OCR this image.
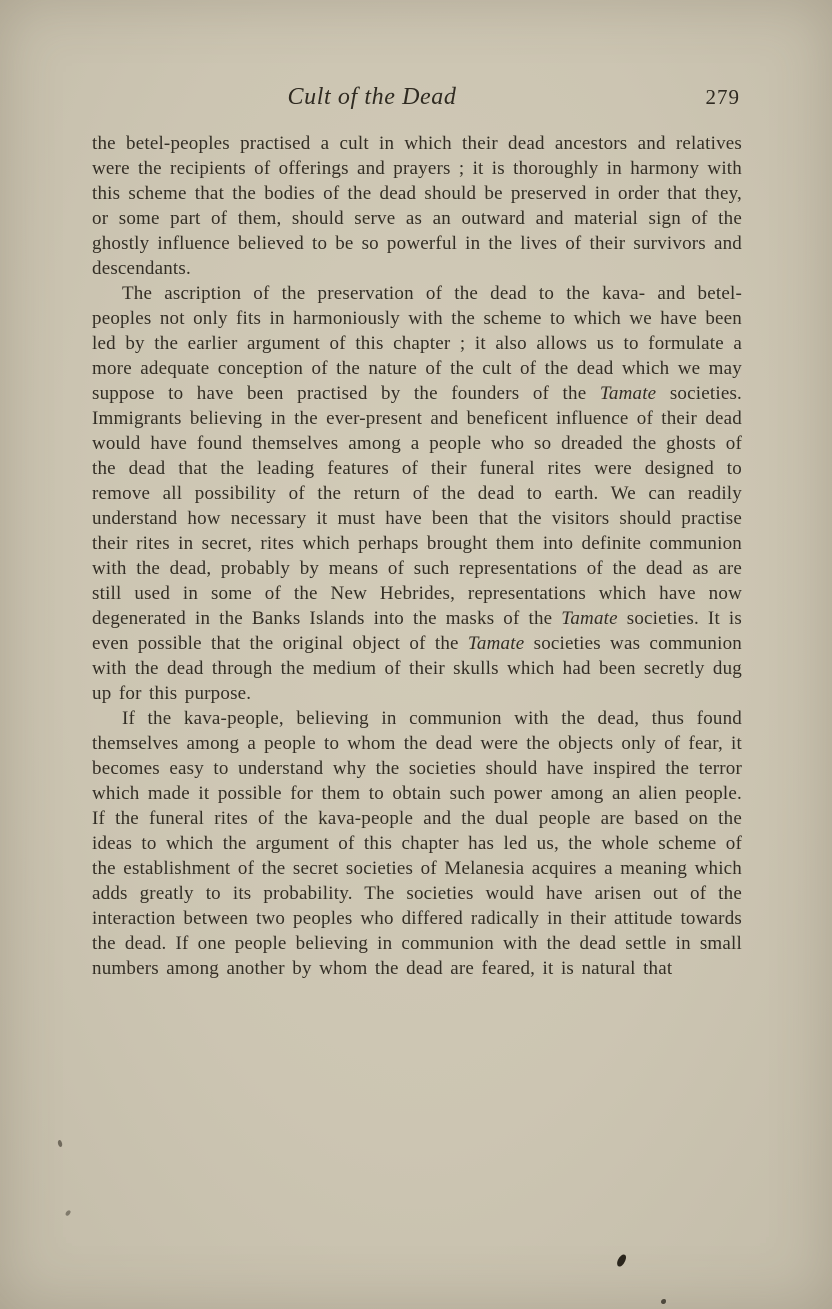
Cult of the Dead	279

the betel-peoples practised a cult in which their dead ancestors and relatives were the recipients of offerings and prayers ; it is thoroughly in harmony with this scheme that the bodies of the dead should be preserved in order that they, or some part of them, should serve as an outward and material sign of the ghostly influence believed to be so powerful in the lives of their survivors and descendants.

The ascription of the preservation of the dead to the kava- and betel-peoples not only fits in harmoniously with the scheme to which we have been led by the earlier argument of this chapter ; it also allows us to formulate a more adequate conception of the nature of the cult of the dead which we may suppose to have been practised by the founders of the Tamate societies. Immigrants believing in the ever-present and beneficent influence of their dead would have found themselves among a people who so dreaded the ghosts of the dead that the leading features of their funeral rites were designed to remove all possibility of the return of the dead to earth. We can readily understand how necessary it must have been that the visitors should practise their rites in secret, rites which perhaps brought them into definite communion with the dead, probably by means of such representations of the dead as are still used in some of the New Hebrides, representations which have now degenerated in the Banks Islands into the masks of the Tamate societies. It is even possible that the original object of the Tamate societies was communion with the dead through the medium of their skulls which had been secretly dug up for this purpose.

If the kava-people, believing in communion with the dead, thus found themselves among a people to whom the dead were the objects only of fear, it becomes easy to understand why the societies should have inspired the terror which made it possible for them to obtain such power among an alien people. If the funeral rites of the kava-people and the dual people are based on the ideas to which the argument of this chapter has led us, the whole scheme of the establishment of the secret societies of Melanesia acquires a meaning which adds greatly to its probability. The societies would have arisen out of the interaction between two peoples who differed radically in their attitude towards the dead. If one people believing in communion with the dead settle in small numbers among another by whom the dead are feared, it is natural that
